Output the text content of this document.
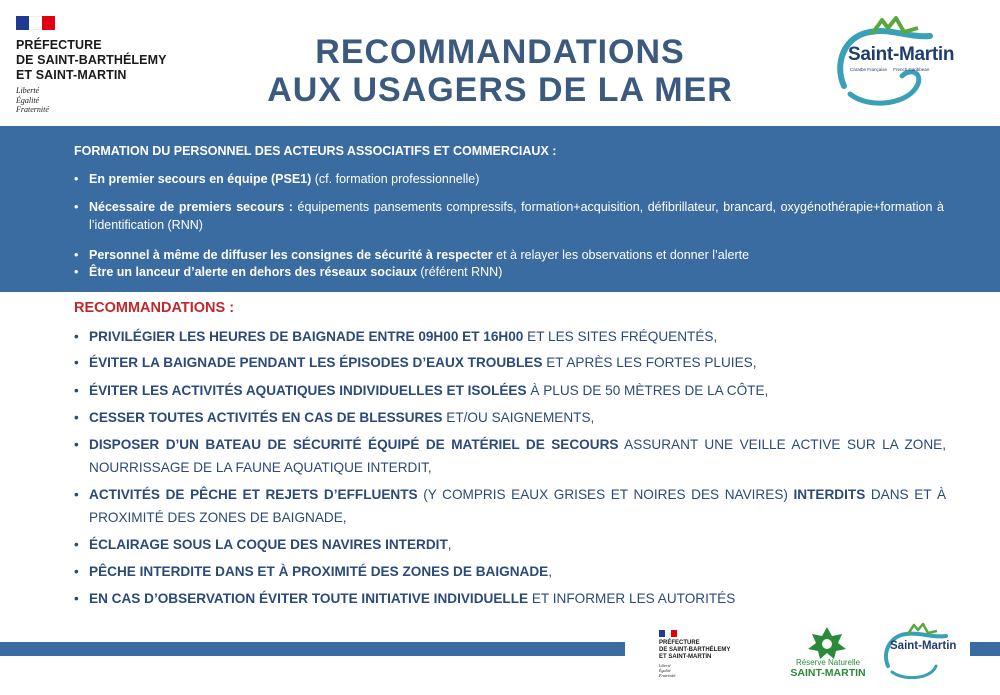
PRÉFECTURE
DE SAINT-BARTHÉLEMY
ET SAINT-MARTIN
Liberté
Égalité
Fraternité
RECOMMANDATIONS
AUX USAGERS DE LA MER
Saint-Martin
Caraïbe Française French Caribbean
FORMATION DU PERSONNEL DES ACTEURS ASSOCIATIFS ET COMMERCIAUX :
• En premier secours en équipe (PSE1) (cf. formation professionnelle)
• Nécessaire de premiers secours : équipements pansements compressifs, formation+acquisition, défibrillateur, brancard, oxygénothérapie+formation à l’identification (RNN)
• Personnel à même de diffuser les consignes de sécurité à respecter et à relayer les observations et donner l’alerte
• Être un lanceur d’alerte en dehors des réseaux sociaux (référent RNN)
RECOMMANDATIONS :
• PRIVILÉGIER LES HEURES DE BAIGNADE ENTRE 09H00 ET 16H00 ET LES SITES FRÉQUENTÉS,
• ÉVITER LA BAIGNADE PENDANT LES ÉPISODES D’EAUX TROUBLES ET APRÈS LES FORTES PLUIES,
• ÉVITER LES ACTIVITÉS AQUATIQUES INDIVIDUELLES ET ISOLÉES À PLUS DE 50 MÈTRES DE LA CÔTE,
• CESSER TOUTES ACTIVITÉS EN CAS DE BLESSURES ET/OU SAIGNEMENTS,
• DISPOSER D’UN BATEAU DE SÉCURITÉ ÉQUIPÉ DE MATÉRIEL DE SECOURS ASSURANT UNE VEILLE ACTIVE SUR LA ZONE, NOURRISSAGE DE LA FAUNE AQUATIQUE INTERDIT,
• ACTIVITÉS DE PÊCHE ET REJETS D’EFFLUENTS (Y COMPRIS EAUX GRISES ET NOIRES DES NAVIRES) INTERDITS DANS ET À PROXIMITÉ DES ZONES DE BAIGNADE,
• ÉCLAIRAGE SOUS LA COQUE DES NAVIRES INTERDIT,
• PÊCHE INTERDITE DANS ET À PROXIMITÉ DES ZONES DE BAIGNADE,
• EN CAS D’OBSERVATION ÉVITER TOUTE INITIATIVE INDIVIDUELLE ET INFORMER LES AUTORITÉS
PRÉFECTURE
DE SAINT-BARTHÉLEMY
ET SAINT-MARTIN
Liberté
Égalité
Fraternité
Réserve Naturelle
SAINT-MARTIN
Saint-Martin
